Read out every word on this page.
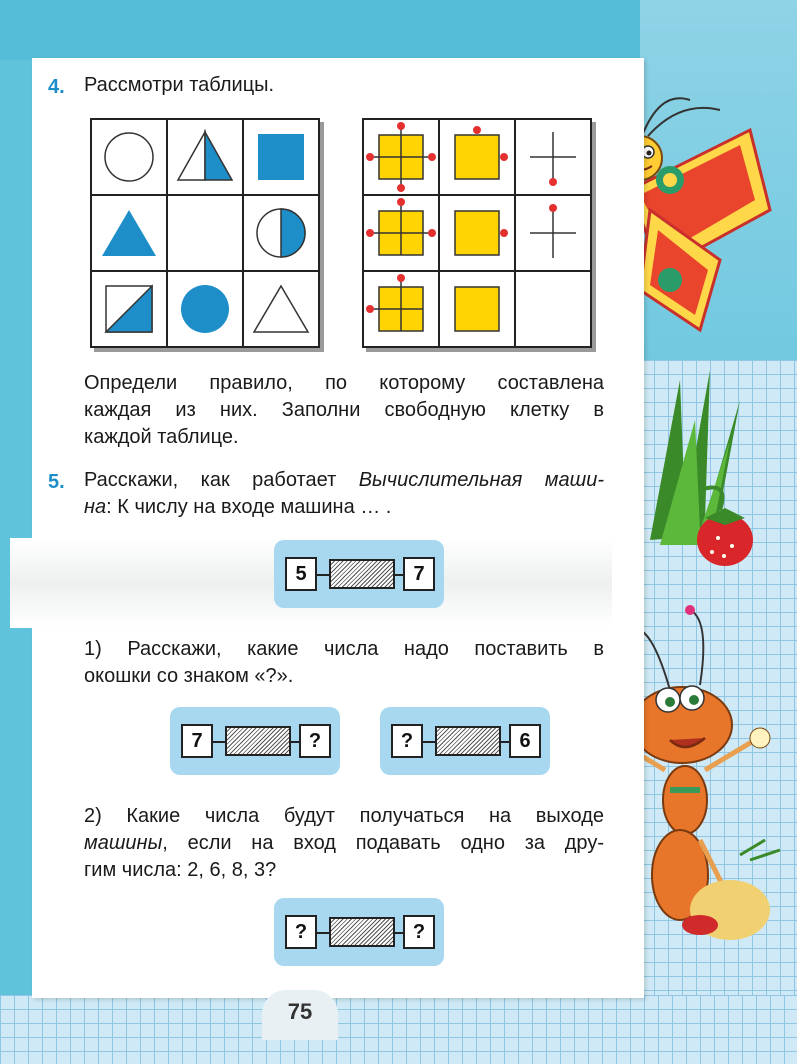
4. Рассмотри таблицы.

Определи правило, по которому составлена
каждая из них. Заполни свободную клетку в
каждой таблице.
5. Расскажи, как работает Вычислительная маши-
на: К числу на входе машина … .
5	7
1) Расскажи, какие числа надо поставить в
окошки со знаком «?».
7	?	?	6
2) Какие числа будут получаться на выходе
машины, если на вход подавать одно за дру-
гим числа: 2, 6, 8, 3?
?	?
75
